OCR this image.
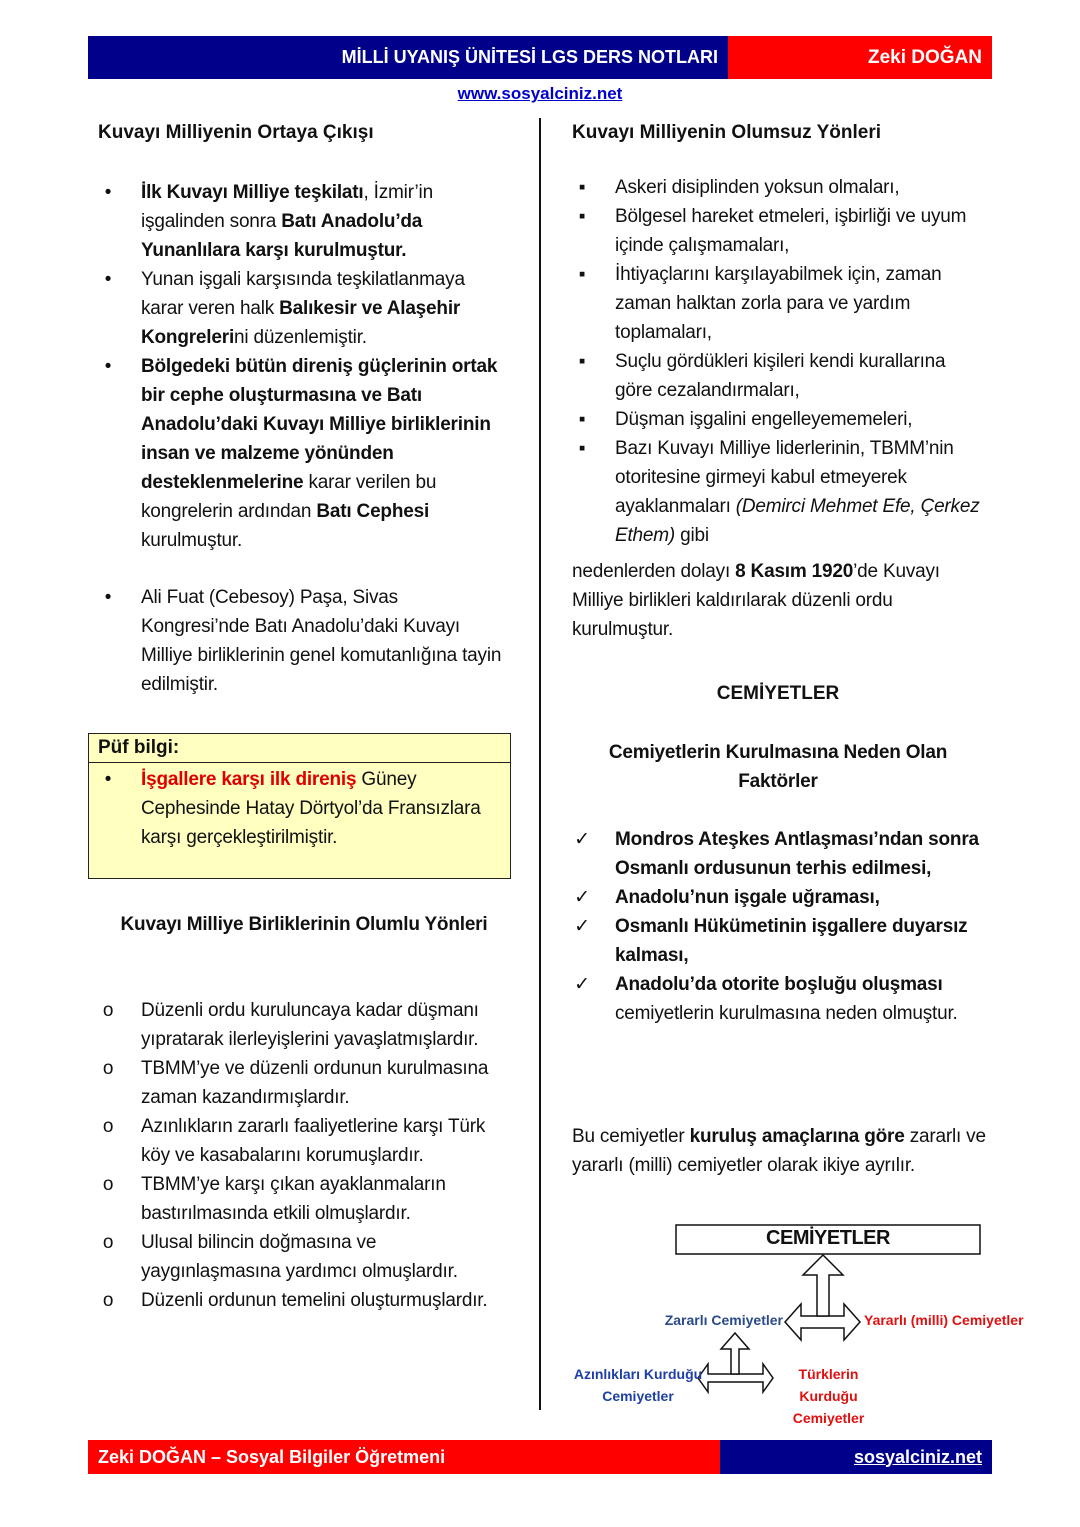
MİLLİ UYANIŞ ÜNİTESİ LGS DERS NOTLARI	Zeki DOĞAN
www.sosyalciniz.net
Kuvayı Milliyenin Ortaya Çıkışı
•	İlk Kuvayı Milliye teşkilatı, İzmir’in işgalinden sonra Batı Anadolu’da Yunanlılara karşı kurulmuştur.
•	Yunan işgali karşısında teşkilatlanmaya karar veren halk Balıkesir ve Alaşehir Kongrelerini düzenlemiştir.
•	Bölgedeki bütün direniş güçlerinin ortak bir cephe oluşturmasına ve Batı Anadolu’daki Kuvayı Milliye birliklerinin insan ve malzeme yönünden desteklenmelerine karar verilen bu kongrelerin ardından Batı Cephesi kurulmuştur.
•	Ali Fuat (Cebesoy) Paşa, Sivas Kongresi’nde Batı Anadolu’daki Kuvayı Milliye birliklerinin genel komutanlığına tayin edilmiştir.
Püf bilgi:
•	İşgallere karşı ilk direniş Güney Cephesinde Hatay Dörtyol’da Fransızlara karşı gerçekleştirilmiştir.
Kuvayı Milliye Birliklerinin Olumlu Yönleri
o Düzenli ordu kuruluncaya kadar düşmanı yıpratarak ilerleyişlerini yavaşlatmışlardır.
o TBMM’ye ve düzenli ordunun kurulmasına zaman kazandırmışlardır.
o Azınlıkların zararlı faaliyetlerine karşı Türk köy ve kasabalarını korumuşlardır.
o TBMM’ye karşı çıkan ayaklanmaların bastırılmasında etkili olmuşlardır.
o Ulusal bilincin doğmasına ve yaygınlaşmasına yardımcı olmuşlardır.
o Düzenli ordunun temelini oluşturmuşlardır.
Kuvayı Milliyenin Olumsuz Yönleri
▪	Askeri disiplinden yoksun olmaları,
▪	Bölgesel hareket etmeleri, işbirliği ve uyum içinde çalışmamaları,
▪	İhtiyaçlarını karşılayabilmek için, zaman zaman halktan zorla para ve yardım toplamaları,
▪	Suçlu gördükleri kişileri kendi kurallarına göre cezalandırmaları,
▪	Düşman işgalini engelleyememeleri,
▪	Bazı Kuvayı Milliye liderlerinin, TBMM’nin otoritesine girmeyi kabul etmeyerek ayaklanmaları (Demirci Mehmet Efe, Çerkez Ethem) gibi

nedenlerden dolayı 8 Kasım 1920’de Kuvayı Milliye birlikleri kaldırılarak düzenli ordu kurulmuştur.

CEMİYETLER
Cemiyetlerin Kurulmasına Neden Olan Faktörler
✓ Mondros Ateşkes Antlaşması’ndan sonra Osmanlı ordusunun terhis edilmesi,
✓ Anadolu’nun işgale uğraması,
✓ Osmanlı Hükümetinin işgallere duyarsız kalması,
✓ Anadolu’da otorite boşluğu oluşması cemiyetlerin kurulmasına neden olmuştur.

Bu cemiyetler kuruluş amaçlarına göre zararlı ve yararlı (milli) cemiyetler olarak ikiye ayrılır.

CEMİYETLER
Zararlı Cemiyetler	Yararlı (milli) Cemiyetler
Azınlıkları Kurduğu
Cemiyetler
Türklerin Kurduğu
Cemiyetler
Zeki DOĞAN – Sosyal Bilgiler Öğretmeni	sosyalciniz.net
